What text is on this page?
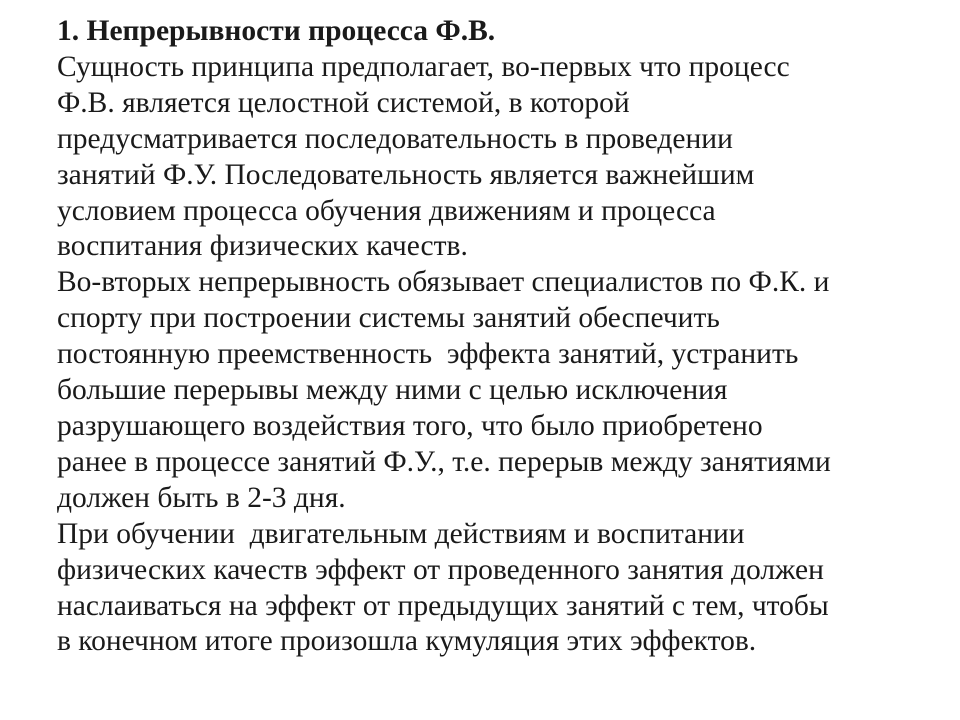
1. Непрерывности процесса Ф.В.
Сущность принципа предполагает, во-первых что процесс
Ф.В. является целостной системой, в которой
предусматривается последовательность в проведении
занятий Ф.У. Последовательность является важнейшим
условием процесса обучения движениям и процесса
воспитания физических качеств.
Во-вторых непрерывность обязывает специалистов по Ф.К. и
спорту при построении системы занятий обеспечить
постоянную преемственность  эффекта занятий, устранить
большие перерывы между ними с целью исключения
разрушающего воздействия того, что было приобретено
ранее в процессе занятий Ф.У., т.е. перерыв между занятиями
должен быть в 2-3 дня.
При обучении  двигательным действиям и воспитании
физических качеств эффект от проведенного занятия должен
наслаиваться на эффект от предыдущих занятий с тем, чтобы
в конечном итоге произошла кумуляция этих эффектов.
